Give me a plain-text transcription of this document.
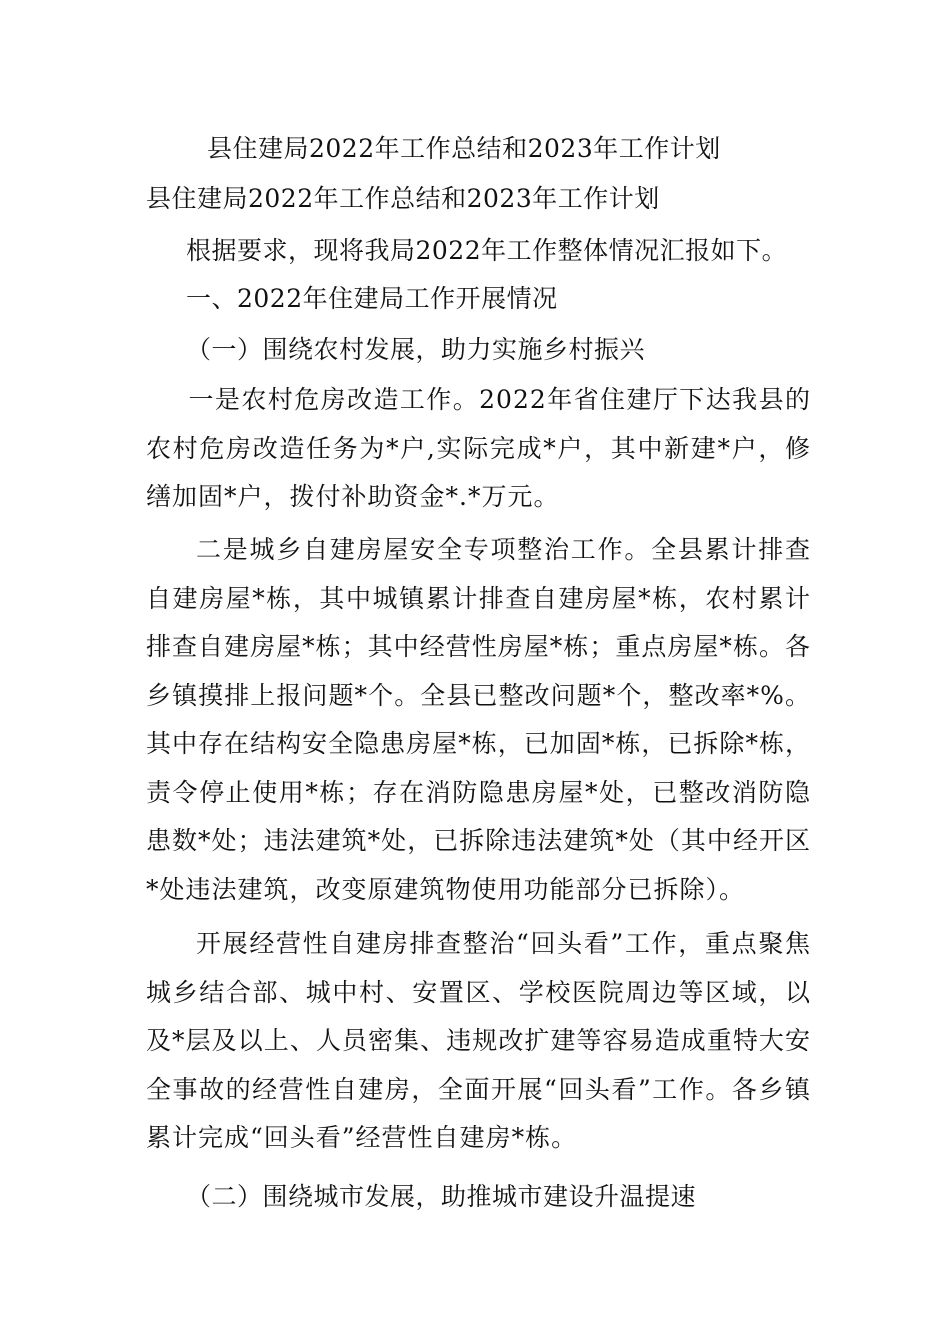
县住建局2022年工作总结和2023年工作计划
县住建局2022年工作总结和2023年工作计划
根据要求，现将我局2022年工作整体情况汇报如下。
一、2022年住建局工作开展情况
（一）围绕农村发展，助力实施乡村振兴
一是农村危房改造工作。2022年省住建厅下达我县的农村危房改造任务为*户,实际完成*户，其中新建*户，修缮加固*户，拨付补助资金*.*万元。
二是城乡自建房屋安全专项整治工作。全县累计排查自建房屋*栋，其中城镇累计排查自建房屋*栋，农村累计排查自建房屋*栋；其中经营性房屋*栋；重点房屋*栋。各乡镇摸排上报问题*个。全县已整改问题*个，整改率*%。其中存在结构安全隐患房屋*栋，已加固*栋，已拆除*栋，责令停止使用*栋；存在消防隐患房屋*处，已整改消防隐患数*处；违法建筑*处，已拆除违法建筑*处（其中经开区*处违法建筑，改变原建筑物使用功能部分已拆除）。
开展经营性自建房排查整治“回头看”工作，重点聚焦城乡结合部、城中村、安置区、学校医院周边等区域，以及*层及以上、人员密集、违规改扩建等容易造成重特大安全事故的经营性自建房，全面开展“回头看”工作。各乡镇累计完成“回头看”经营性自建房*栋。
（二）围绕城市发展，助推城市建设升温提速
